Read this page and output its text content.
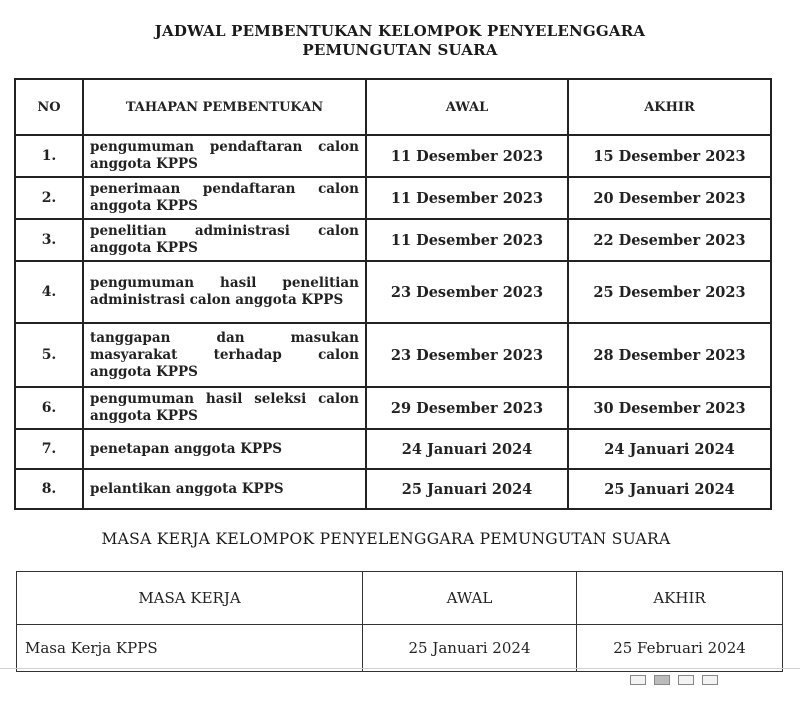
JADWAL PEMBENTUKAN KELOMPOK PENYELENGGARA
PEMUNGUTAN SUARA
NO	TAHAPAN PEMBENTUKAN	AWAL	AKHIR
1.	pengumuman pendaftaran calon anggota KPPS	11 Desember 2023	15 Desember 2023
2.	penerimaan pendaftaran calon anggota KPPS	11 Desember 2023	20 Desember 2023
3.	penelitian administrasi calon anggota KPPS	11 Desember 2023	22 Desember 2023
4.	pengumuman hasil penelitian administrasi calon anggota KPPS	23 Desember 2023	25 Desember 2023
5.	tanggapan dan masukan masyarakat terhadap calon anggota KPPS	23 Desember 2023	28 Desember 2023
6.	pengumuman hasil seleksi calon anggota KPPS	29 Desember 2023	30 Desember 2023
7.	penetapan anggota KPPS	24 Januari 2024	24 Januari 2024
8.	pelantikan anggota KPPS	25 Januari 2024	25 Januari 2024
MASA KERJA KELOMPOK PENYELENGGARA PEMUNGUTAN SUARA
MASA KERJA	AWAL	AKHIR
Masa Kerja KPPS	25 Januari 2024	25 Februari 2024
